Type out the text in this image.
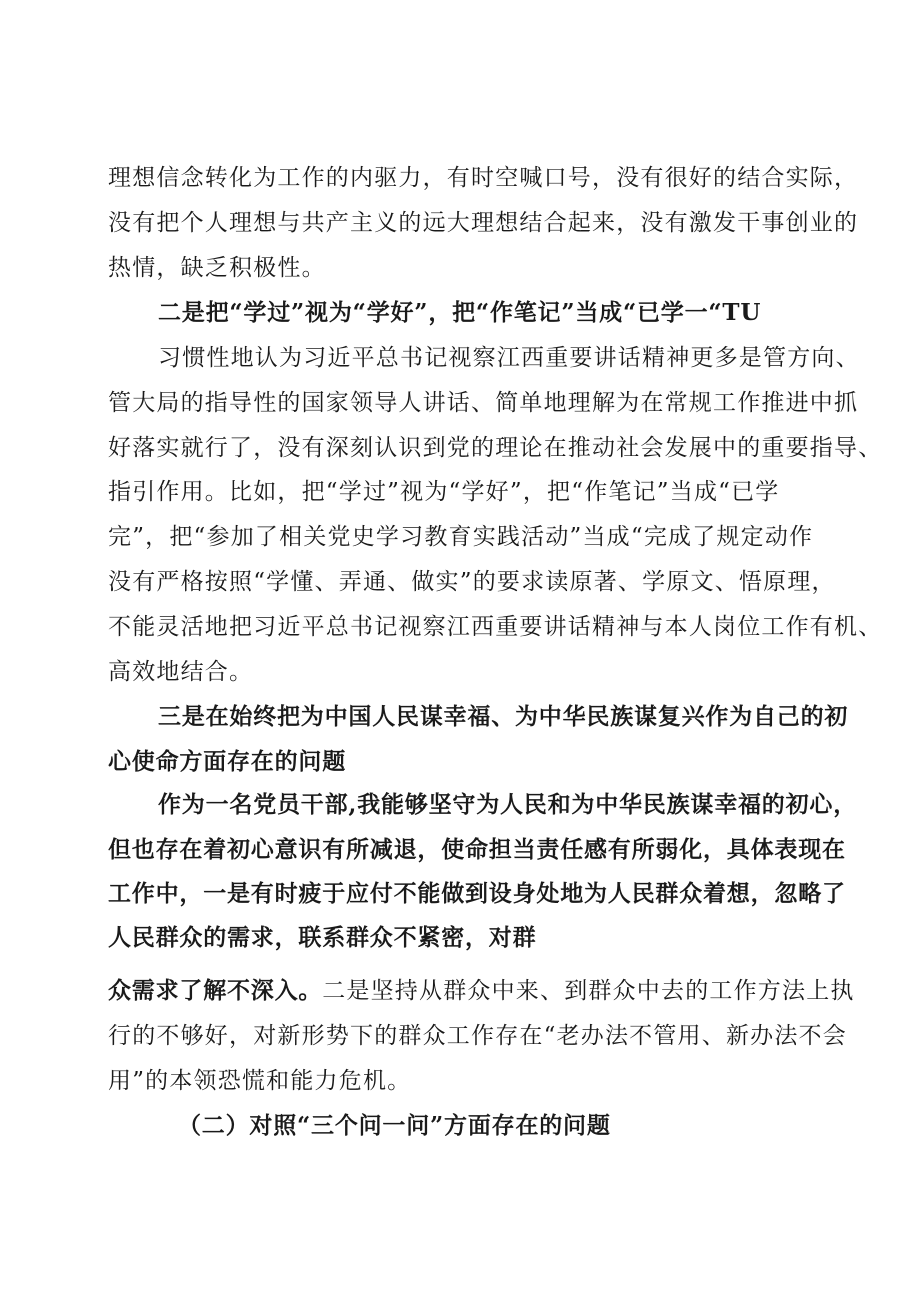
理想信念转化为工作的内驱力，有时空喊口号，没有很好的结合实际，
没有把个人理想与共产主义的远大理想结合起来，没有激发干事创业的
热情，缺乏积极性。
二是把“学过”视为“学好”，把“作笔记”当成“已学一“TU
习惯性地认为习近平总书记视察江西重要讲话精神更多是管方向、
管大局的指导性的国家领导人讲话、简单地理解为在常规工作推进中抓
好落实就行了，没有深刻认识到党的理论在推动社会发展中的重要指导、
指引作用。比如，把“学过”视为“学好”，把“作笔记”当成“已学
完”，把“参加了相关党史学习教育实践活动”当成“完成了规定动作
没有严格按照“学懂、弄通、做实”的要求读原著、学原文、悟原理，
不能灵活地把习近平总书记视察江西重要讲话精神与本人岗位工作有机、
高效地结合。
三是在始终把为中国人民谋幸福、为中华民族谋复兴作为自己的初
心使命方面存在的问题
作为一名党员干部,我能够坚守为人民和为中华民族谋幸福的初心，
但也存在着初心意识有所减退，使命担当责任感有所弱化，具体表现在
工作中，一是有时疲于应付不能做到设身处地为人民群众着想，忽略了
人民群众的需求，联系群众不紧密，对群
众需求了解不深入。二是坚持从群众中来、到群众中去的工作方法上执
行的不够好，对新形势下的群众工作存在“老办法不管用、新办法不会
用”的本领恐慌和能力危机。
（二）对照“三个问一问”方面存在的问题
